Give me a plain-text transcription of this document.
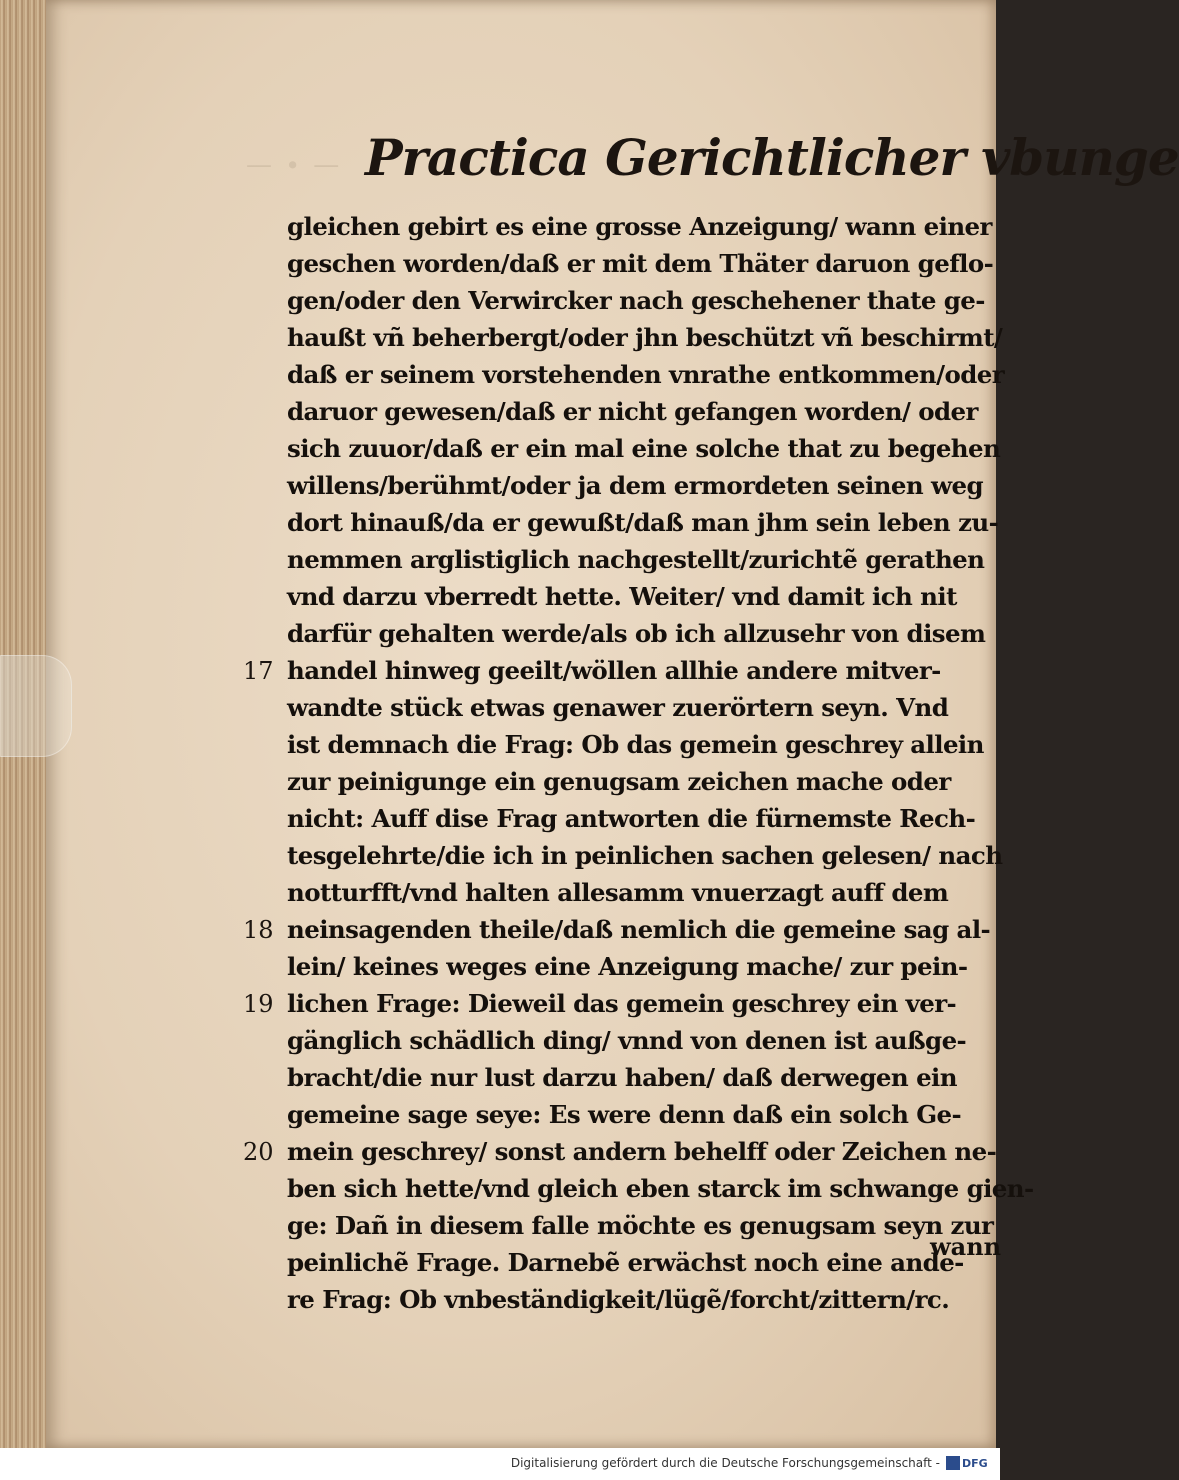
— ∙ — Practica Gerichtlicher vbunge
gleichen gebirt es eine grosse Anzeigung/ wann einer
geschen worden/daß er mit dem Thäter daruon geflo-
gen/oder den Verwircker nach geschehener thate ge-
haußt vñ beherbergt/oder jhn beschützt vñ beschirmt/
daß er seinem vorstehenden vnrathe entkommen/oder
daruor gewesen/daß er nicht gefangen worden/ oder
sich zuuor/daß er ein mal eine solche that zu begehen
willens/berühmt/oder ja dem ermordeten seinen weg
dort hinauß/da er gewußt/daß man jhm sein leben zu-
nemmen arglistiglich nachgestellt/zurichtẽ gerathen
vnd darzu vberredt hette. Weiter/ vnd damit ich nit
darfür gehalten werde/als ob ich allzusehr von disem
handel hinweg geeilt/wöllen allhie andere mitver-
wandte stück etwas genawer zuerörtern seyn. Vnd
ist demnach die Frag: Ob das gemein geschrey allein
zur peinigunge ein genugsam zeichen mache oder
nicht: Auff dise Frag antworten die fürnemste Rech-
tesgelehrte/die ich in peinlichen sachen gelesen/ nach
notturfft/vnd halten allesamm vnuerzagt auff dem
neinsagenden theile/daß nemlich die gemeine sag al-
lein/ keines weges eine Anzeigung mache/ zur pein-
lichen Frage: Dieweil das gemein geschrey ein ver-
gänglich schädlich ding/ vnnd von denen ist außge-
bracht/die nur lust darzu haben/ daß derwegen ein
gemeine sage seye: Es were denn daß ein solch Ge-
mein geschrey/ sonst andern behelff oder Zeichen ne-
ben sich hette/vnd gleich eben starck im schwange gien-
ge: Dañ in diesem falle möchte es genugsam seyn zur
peinlichẽ Frage. Darnebẽ erwächst noch eine ande-
re Frag: Ob vnbeständigkeit/lügẽ/forcht/zittern/rc.
17
18
19
20
wann
Digitalisierung gefördert durch die Deutsche Forschungsgemeinschaft - DFG
